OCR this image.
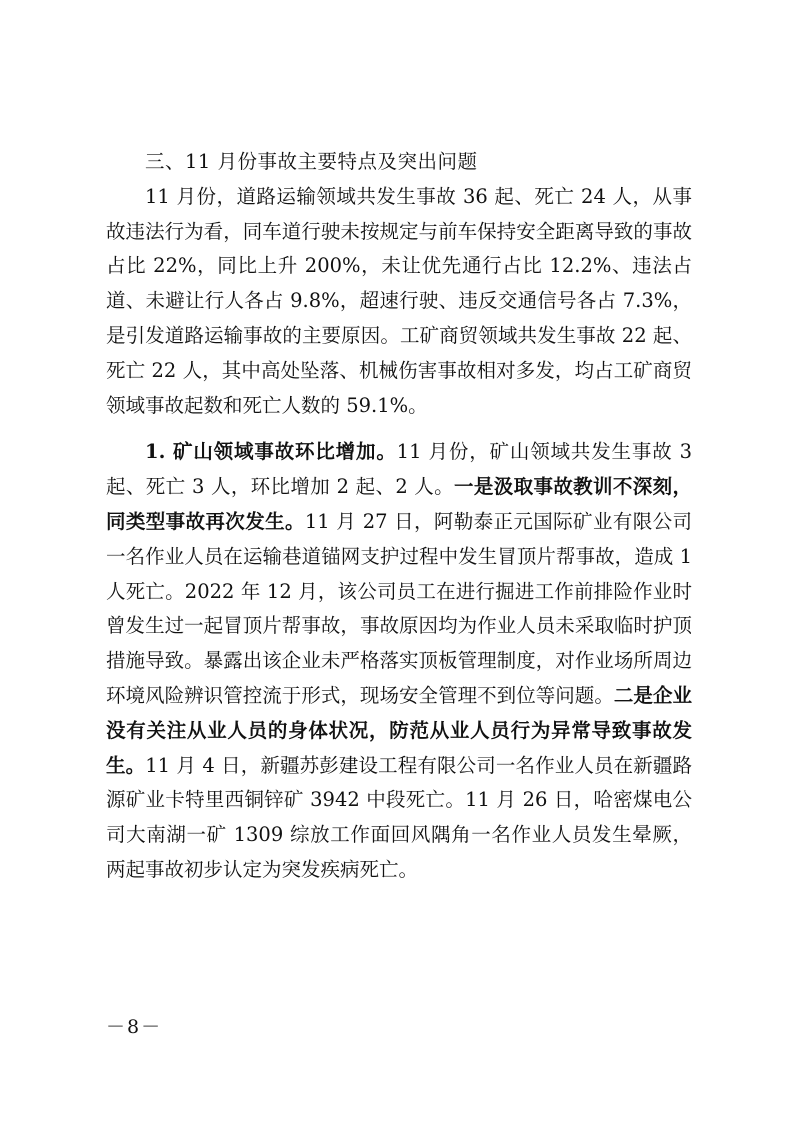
三、11 月份事故主要特点及突出问题

11 月份，道路运输领域共发生事故 36 起、死亡 24 人，从事故违法行为看，同车道行驶未按规定与前车保持安全距离导致的事故占比 22%，同比上升 200%，未让优先通行占比 12.2%、违法占道、未避让行人各占 9.8%，超速行驶、违反交通信号各占 7.3%，是引发道路运输事故的主要原因。工矿商贸领域共发生事故 22 起、死亡 22 人，其中高处坠落、机械伤害事故相对多发，均占工矿商贸领域事故起数和死亡人数的 59.1%。

1. 矿山领域事故环比增加。11 月份，矿山领域共发生事故 3 起、死亡 3 人，环比增加 2 起、2 人。一是汲取事故教训不深刻，同类型事故再次发生。11 月 27 日，阿勒泰正元国际矿业有限公司一名作业人员在运输巷道锚网支护过程中发生冒顶片帮事故，造成 1 人死亡。2022 年 12 月，该公司员工在进行掘进工作前排险作业时曾发生过一起冒顶片帮事故，事故原因均为作业人员未采取临时护顶措施导致。暴露出该企业未严格落实顶板管理制度，对作业场所周边环境风险辨识管控流于形式，现场安全管理不到位等问题。二是企业没有关注从业人员的身体状况，防范从业人员行为异常导致事故发生。11 月 4 日，新疆苏彭建设工程有限公司一名作业人员在新疆路源矿业卡特里西铜锌矿 3942 中段死亡。11 月 26 日，哈密煤电公司大南湖一矿 1309 综放工作面回风隅角一名作业人员发生晕厥，两起事故初步认定为突发疾病死亡。

－8－
